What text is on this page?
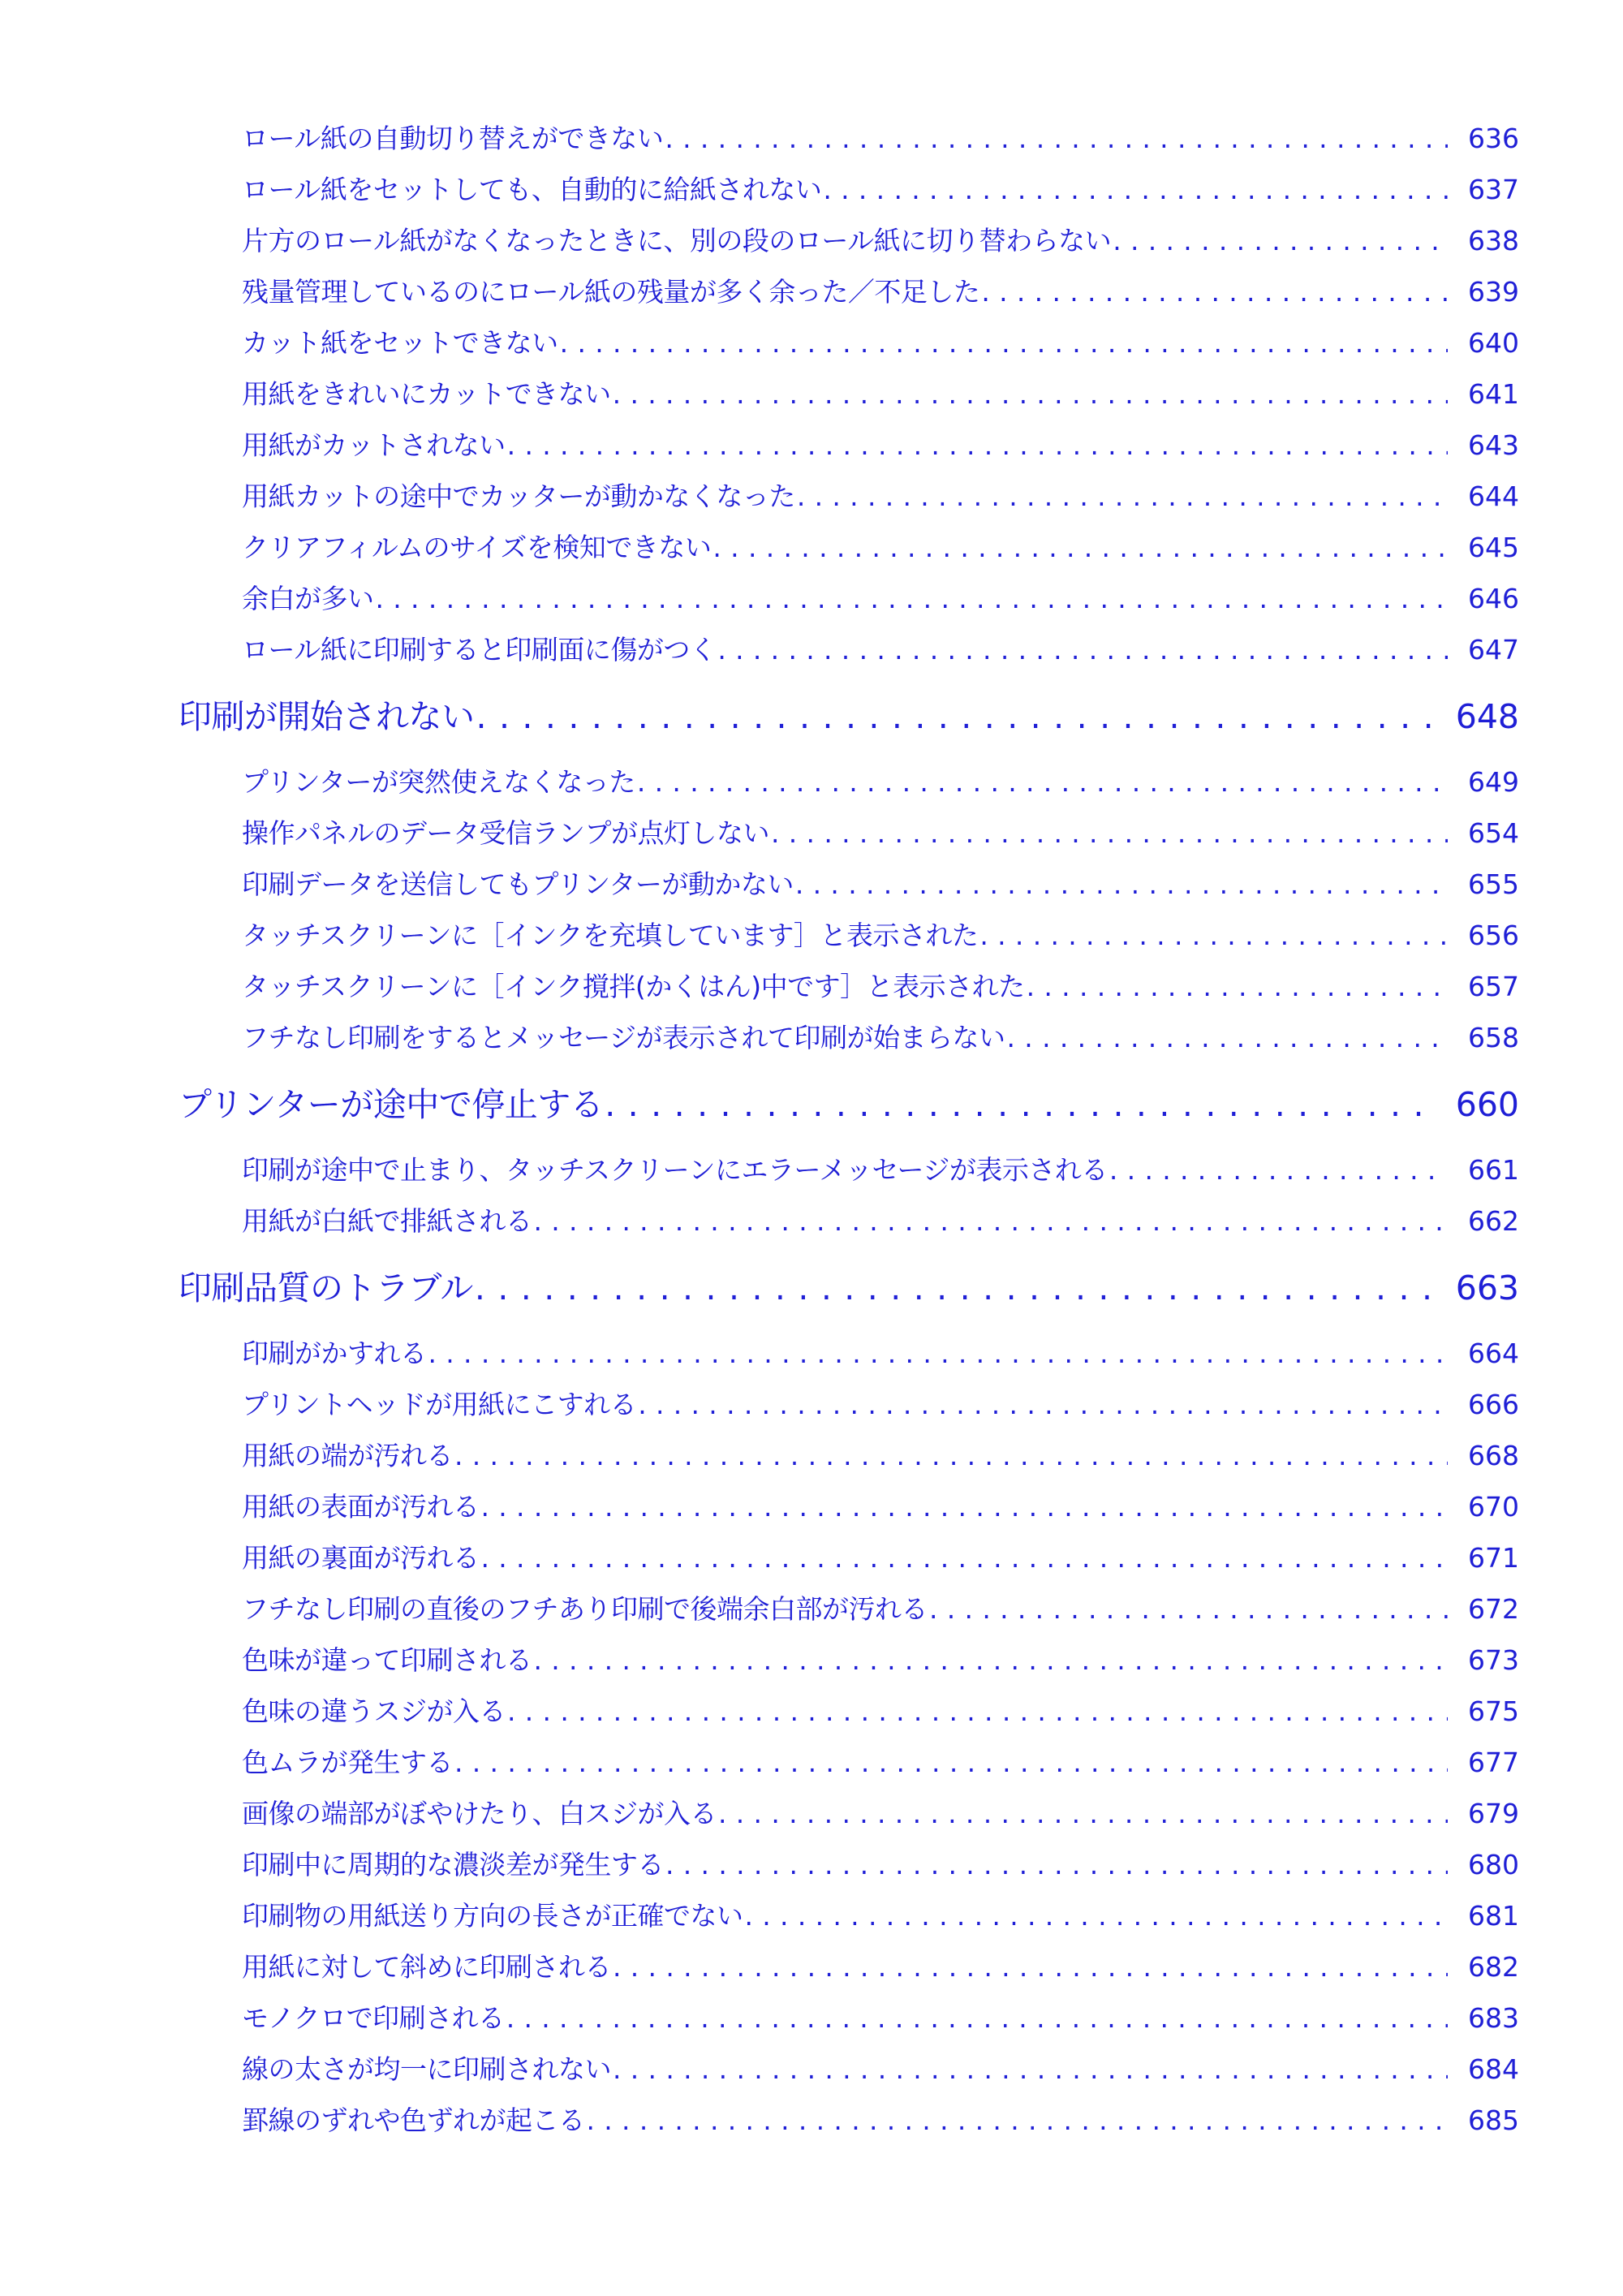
ロール紙の自動切り替えができない . . .	636
ロール紙をセットしても、自動的に給紙されない . . .	637
片方のロール紙がなくなったときに、別の段のロール紙に切り替わらない . . .	638
残量管理しているのにロール紙の残量が多く余った／不足した . . .	639
カット紙をセットできない . . .	640
用紙をきれいにカットできない . . .	641
用紙がカットされない . . .	643
用紙カットの途中でカッターが動かなくなった . . .	644
クリアフィルムのサイズを検知できない . . .	645
余白が多い . . .	646
ロール紙に印刷すると印刷面に傷がつく . . .	647
印刷が開始されない . . .	648
プリンターが突然使えなくなった . . .	649
操作パネルのデータ受信ランプが点灯しない . . .	654
印刷データを送信してもプリンターが動かない . . .	655
タッチスクリーンに［インクを充填しています］と表示された . . .	656
タッチスクリーンに［インク撹拌(かくはん)中です］と表示された . . .	657
フチなし印刷をするとメッセージが表示されて印刷が始まらない . . .	658
プリンターが途中で停止する . . .	660
印刷が途中で止まり、タッチスクリーンにエラーメッセージが表示される . . .	661
用紙が白紙で排紙される . . .	662
印刷品質のトラブル . . .	663
印刷がかすれる . . .	664
プリントヘッドが用紙にこすれる . . .	666
用紙の端が汚れる . . .	668
用紙の表面が汚れる . . .	670
用紙の裏面が汚れる . . .	671
フチなし印刷の直後のフチあり印刷で後端余白部が汚れる . . .	672
色味が違って印刷される . . .	673
色味の違うスジが入る . . .	675
色ムラが発生する . . .	677
画像の端部がぼやけたり、白スジが入る . . .	679
印刷中に周期的な濃淡差が発生する . . .	680
印刷物の用紙送り方向の長さが正確でない . . .	681
用紙に対して斜めに印刷される . . .	682
モノクロで印刷される . . .	683
線の太さが均一に印刷されない . . .	684
罫線のずれや色ずれが起こる . . .	685
